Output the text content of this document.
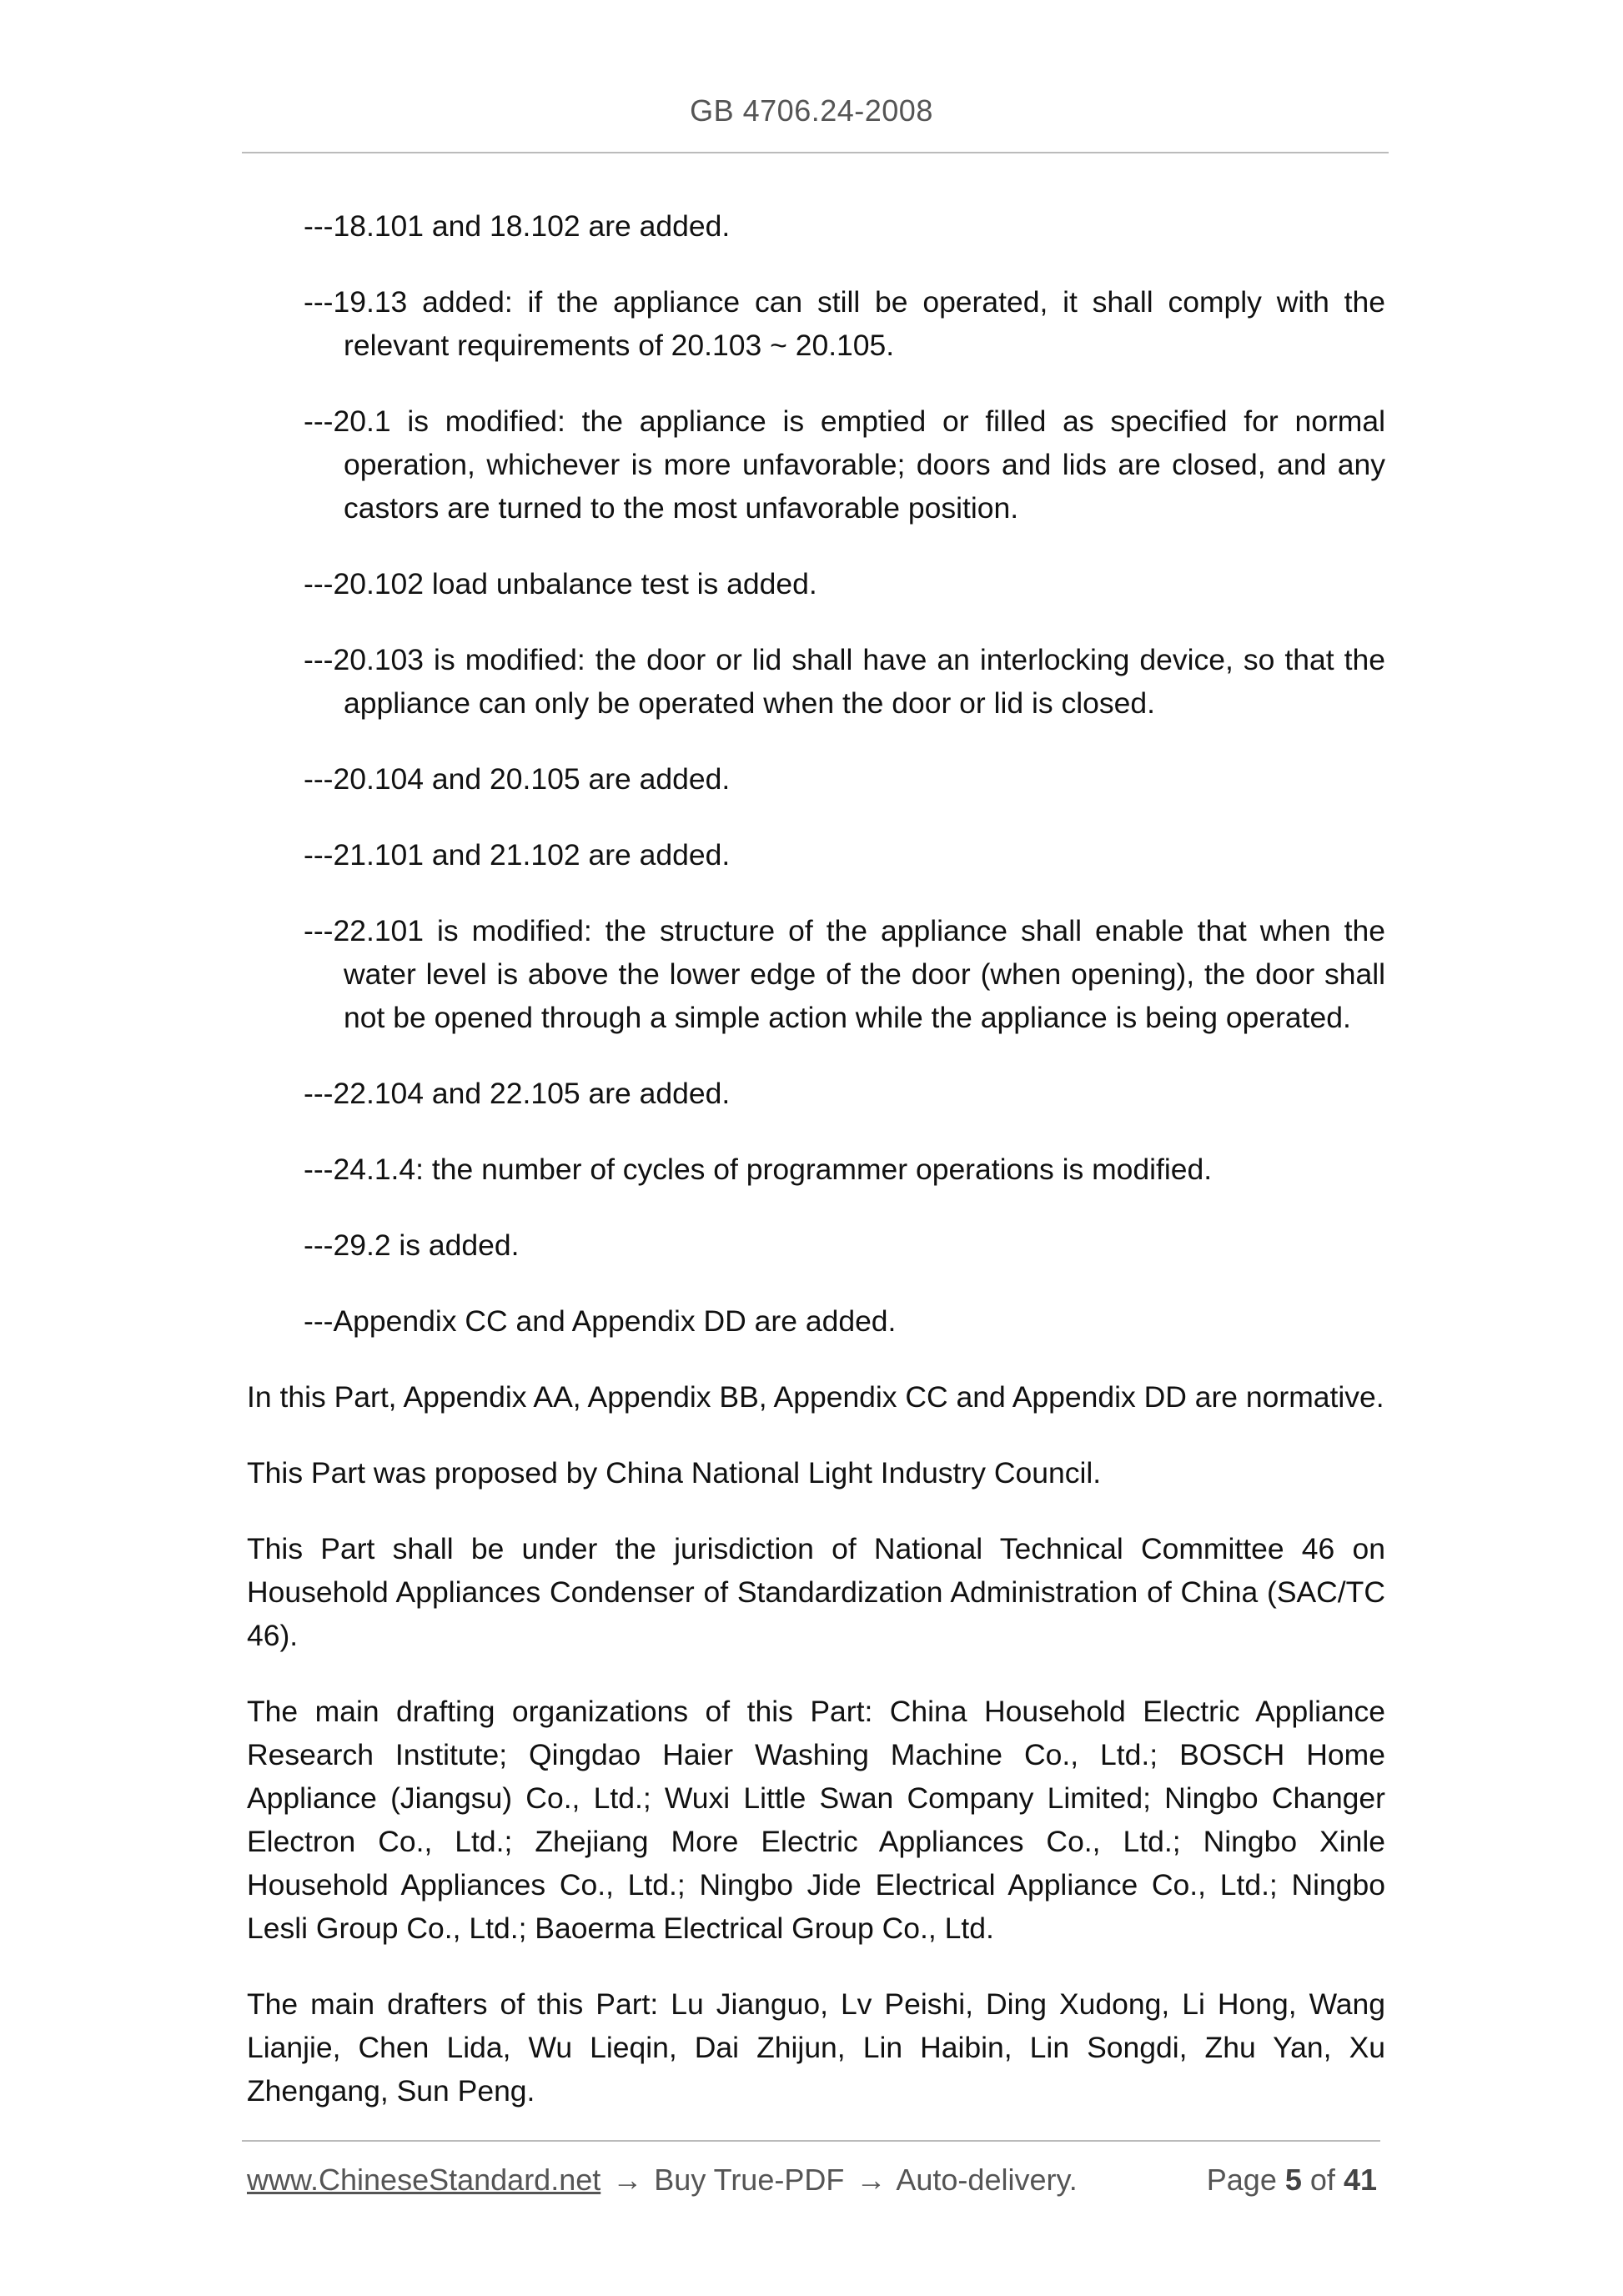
GB 4706.24-2008

---18.101 and 18.102 are added.

---19.13 added: if the appliance can still be operated, it shall comply with the relevant requirements of 20.103 ~ 20.105.

---20.1 is modified: the appliance is emptied or filled as specified for normal operation, whichever is more unfavorable; doors and lids are closed, and any castors are turned to the most unfavorable position.

---20.102 load unbalance test is added.

---20.103 is modified: the door or lid shall have an interlocking device, so that the appliance can only be operated when the door or lid is closed.

---20.104 and 20.105 are added.

---21.101 and 21.102 are added.

---22.101 is modified: the structure of the appliance shall enable that when the water level is above the lower edge of the door (when opening), the door shall not be opened through a simple action while the appliance is being operated.

---22.104 and 22.105 are added.

---24.1.4: the number of cycles of programmer operations is modified.

---29.2 is added.

---Appendix CC and Appendix DD are added.

In this Part, Appendix AA, Appendix BB, Appendix CC and Appendix DD are normative.

This Part was proposed by China National Light Industry Council.

This Part shall be under the jurisdiction of National Technical Committee 46 on Household Appliances Condenser of Standardization Administration of China (SAC/TC 46).

The main drafting organizations of this Part: China Household Electric Appliance Research Institute; Qingdao Haier Washing Machine Co., Ltd.; BOSCH Home Appliance (Jiangsu) Co., Ltd.; Wuxi Little Swan Company Limited; Ningbo Changer Electron Co., Ltd.; Zhejiang More Electric Appliances Co., Ltd.; Ningbo Xinle Household Appliances Co., Ltd.; Ningbo Jide Electrical Appliance Co., Ltd.; Ningbo Lesli Group Co., Ltd.; Baoerma Electrical Group Co., Ltd.

The main drafters of this Part: Lu Jianguo, Lv Peishi, Ding Xudong, Li Hong, Wang Lianjie, Chen Lida, Wu Lieqin, Dai Zhijun, Lin Haibin, Lin Songdi, Zhu Yan, Xu Zhengang, Sun Peng.

www.ChineseStandard.net → Buy True-PDF → Auto-delivery.	Page 5 of 41
